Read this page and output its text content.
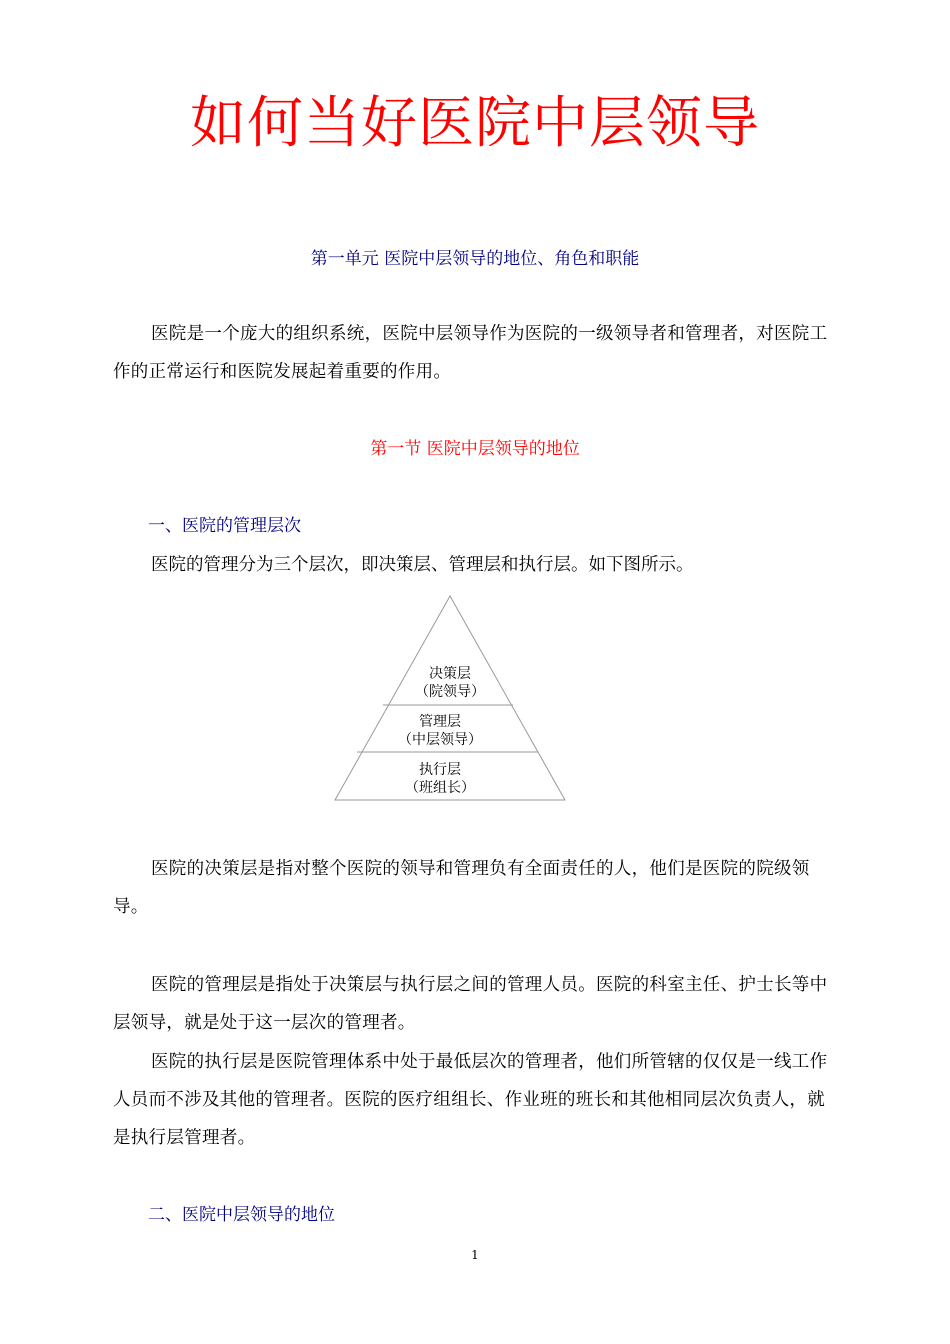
如何当好医院中层领导
第一单元 医院中层领导的地位、角色和职能
医院是一个庞大的组织系统，医院中层领导作为医院的一级领导者和管理者，对医院工作的正常运行和医院发展起着重要的作用。
第一节 医院中层领导的地位
一、医院的管理层次
医院的管理分为三个层次，即决策层、管理层和执行层。如下图所示。
决策层
（院领导）
管理层
（中层领导）
执行层
（班组长）
医院的决策层是指对整个医院的领导和管理负有全面责任的人，他们是医院的院级领导。
医院的管理层是指处于决策层与执行层之间的管理人员。医院的科室主任、护士长等中层领导，就是处于这一层次的管理者。
医院的执行层是医院管理体系中处于最低层次的管理者，他们所管辖的仅仅是一线工作人员而不涉及其他的管理者。医院的医疗组组长、作业班的班长和其他相同层次负责人，就是执行层管理者。
二、医院中层领导的地位
1
